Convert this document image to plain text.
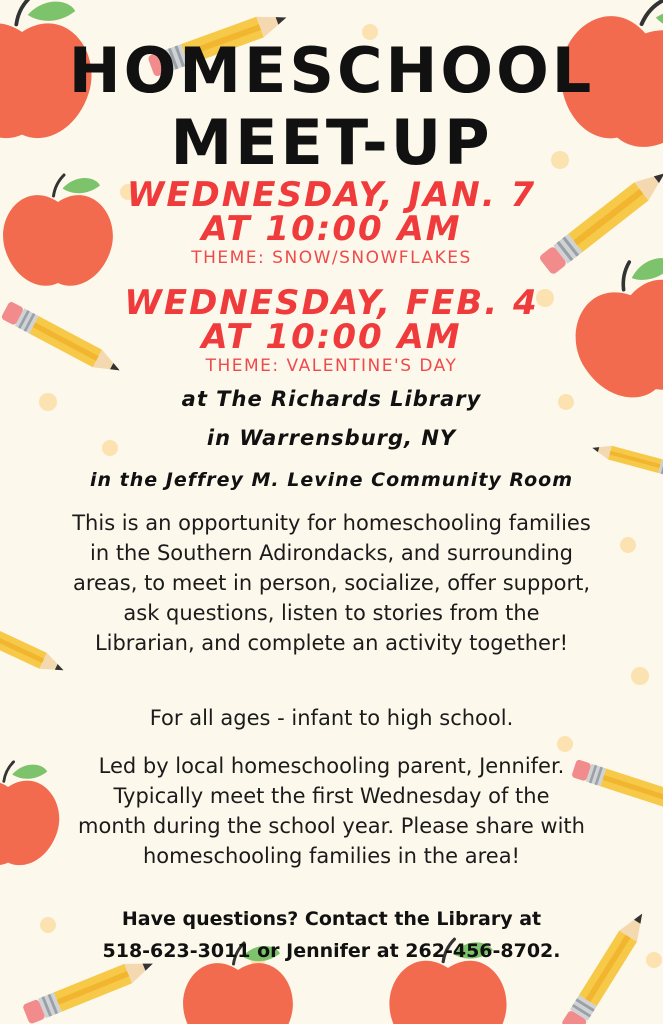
HOMESCHOOL
MEET-UP
WEDNESDAY, JAN. 7
AT 10:00 AM
THEME: SNOW/SNOWFLAKES
WEDNESDAY, FEB. 4
AT 10:00 AM
THEME: VALENTINE'S DAY
at The Richards Library
in Warrensburg, NY
in the Jeffrey M. Levine Community Room
This is an opportunity for homeschooling families
in the Southern Adirondacks, and surrounding
areas, to meet in person, socialize, offer support,
ask questions, listen to stories from the
Librarian, and complete an activity together!
For all ages - infant to high school.
Led by local homeschooling parent, Jennifer.
Typically meet the first Wednesday of the
month during the school year. Please share with
homeschooling families in the area!
Have questions? Contact the Library at
518-623-3011 or Jennifer at 262-456-8702.
